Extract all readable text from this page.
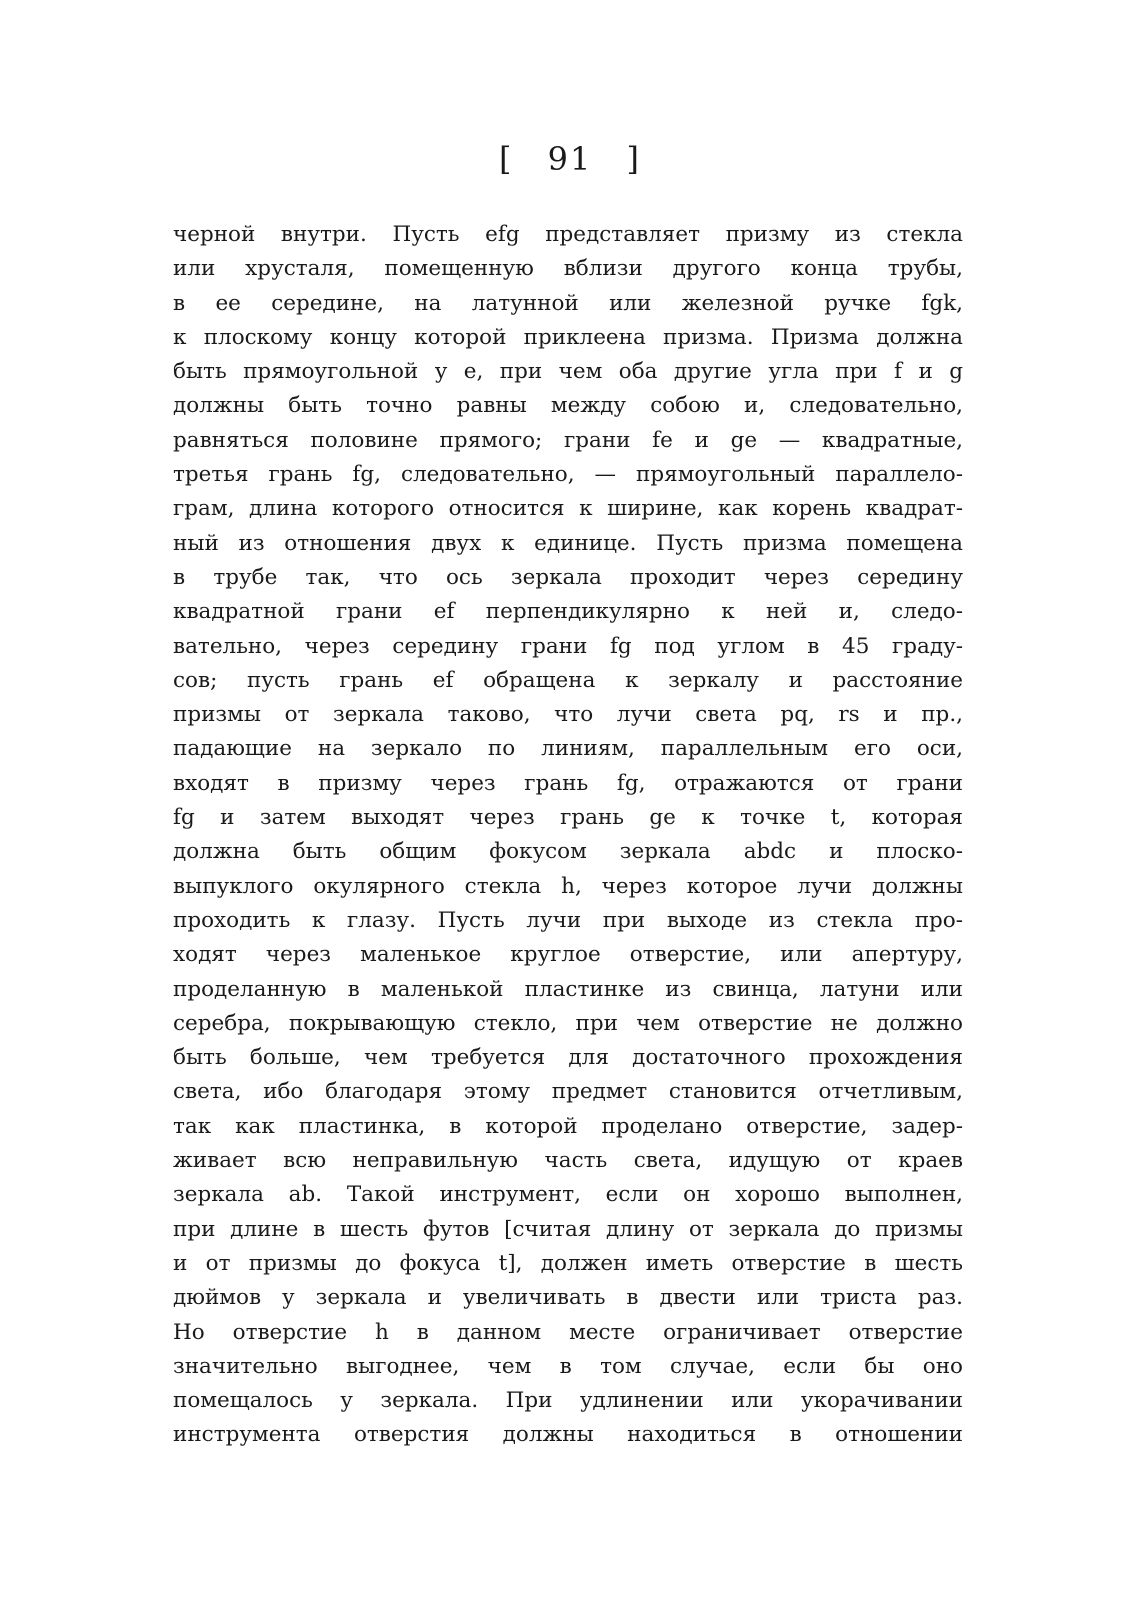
[ 91 ]
черной внутри. Пусть efg представляет призму из стекла
или хрусталя, помещенную вблизи другого конца трубы,
в ее середине, на латунной или железной ручке fgk,
к плоскому концу которой приклеена призма. Призма должна
быть прямоугольной у e, при чем оба другие угла при f и g
должны быть точно равны между собою и, следовательно,
равняться половине прямого; грани fe и ge — квадратные,
третья грань fg, следовательно, — прямоугольный параллело-
грам, длина которого относится к ширине, как корень квадрат-
ный из отношения двух к единице. Пусть призма помещена
в трубе так, что ось зеркала проходит через середину
квадратной грани ef перпендикулярно к ней и, следо-
вательно, через середину грани fg под углом в 45 граду-
сов; пусть грань ef обращена к зеркалу и расстояние
призмы от зеркала таково, что лучи света pq, rs и пр.,
падающие на зеркало по линиям, параллельным его оси,
входят в призму через грань fg, отражаются от грани
fg и затем выходят через грань ge к точке t, которая
должна быть общим фокусом зеркала abdc и плоско-
выпуклого окулярного стекла h, через которое лучи должны
проходить к глазу. Пусть лучи при выходе из стекла про-
ходят через маленькое круглое отверстие, или апертуру,
проделанную в маленькой пластинке из свинца, латуни или
серебра, покрывающую стекло, при чем отверстие не должно
быть больше, чем требуется для достаточного прохождения
света, ибо благодаря этому предмет становится отчетливым,
так как пластинка, в которой проделано отверстие, задер-
живает всю неправильную часть света, идущую от краев
зеркала ab. Такой инструмент, если он хорошо выполнен,
при длине в шесть футов [считая длину от зеркала до призмы
и от призмы до фокуса t], должен иметь отверстие в шесть
дюймов у зеркала и увеличивать в двести или триста раз.
Но отверстие h в данном месте ограничивает отверстие
значительно выгоднее, чем в том случае, если бы оно
помещалось у зеркала. При удлинении или укорачивании
инструмента отверстия должны находиться в отношении
